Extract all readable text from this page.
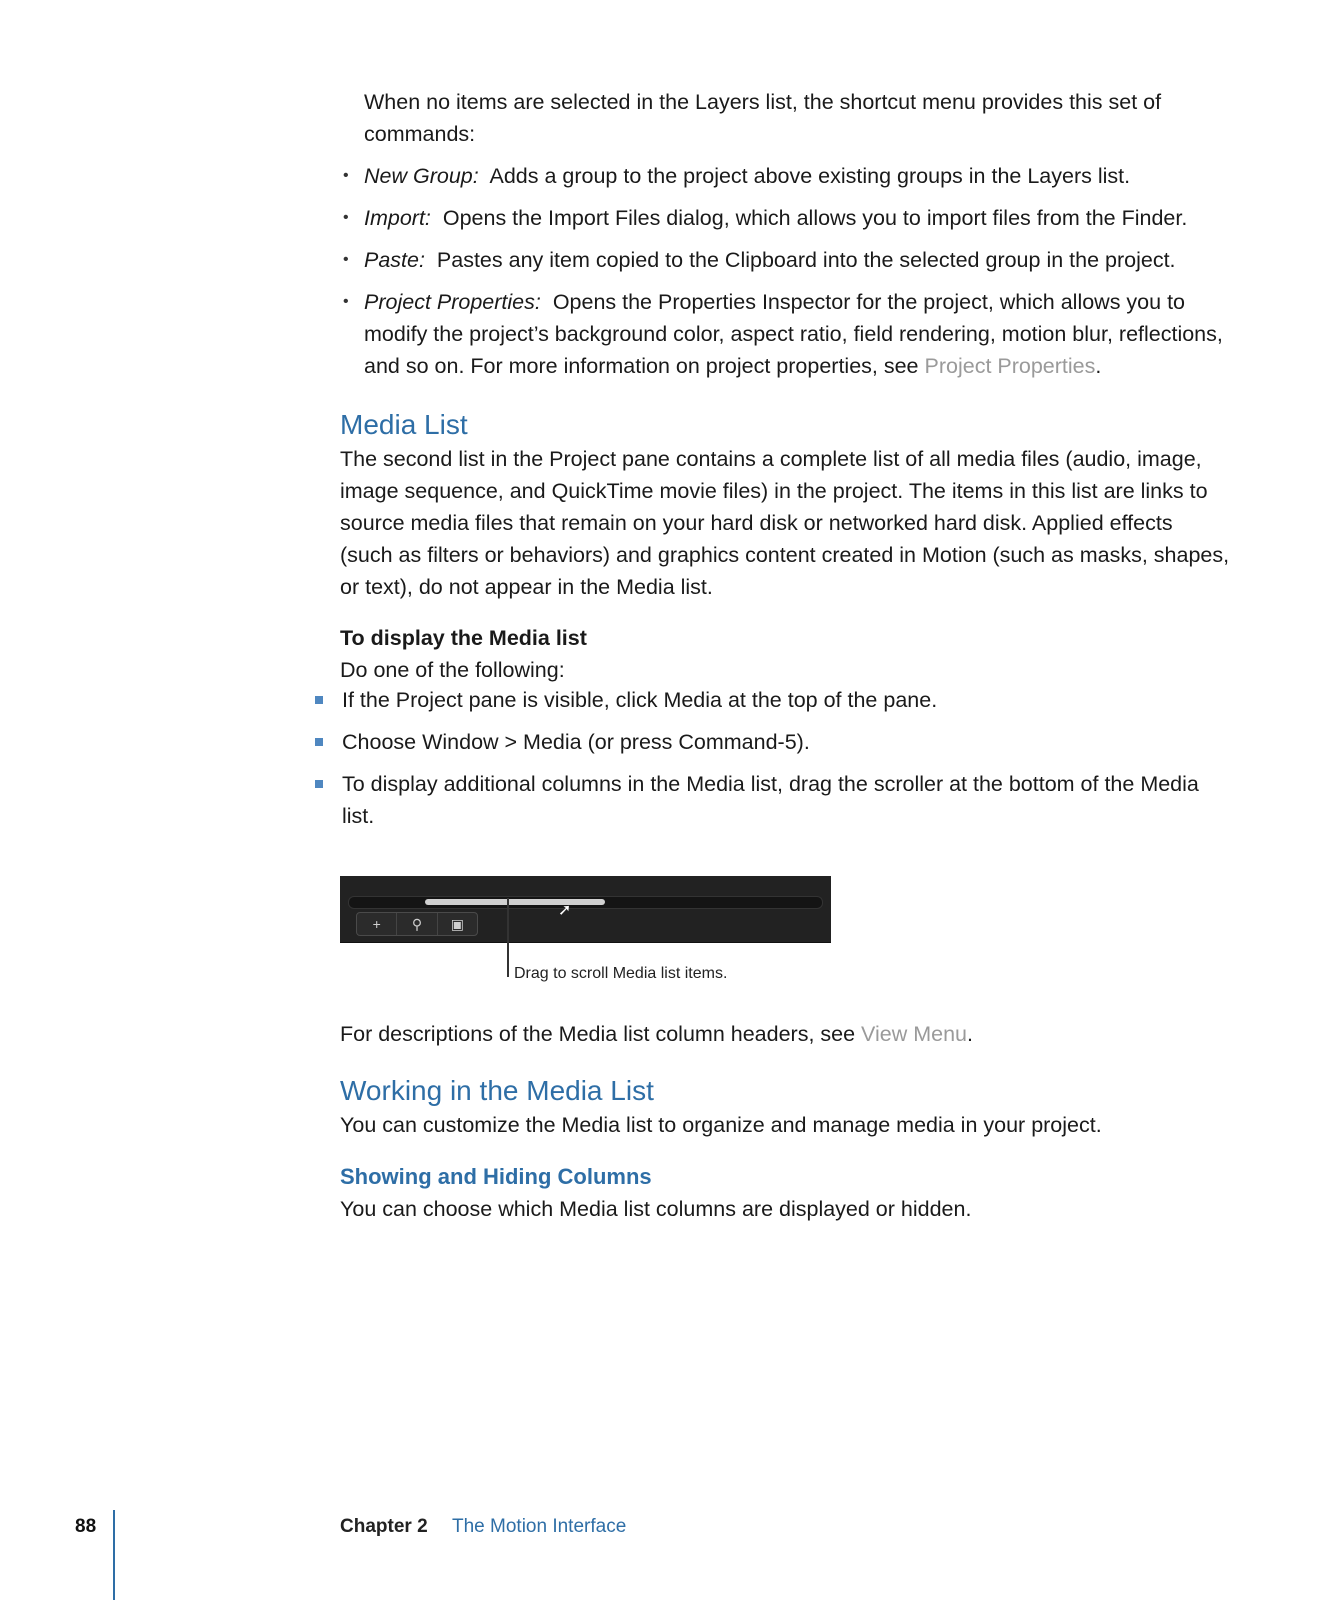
When no items are selected in the Layers list, the shortcut menu provides this set of commands:
• New Group: Adds a group to the project above existing groups in the Layers list.
• Import: Opens the Import Files dialog, which allows you to import files from the Finder.
• Paste: Pastes any item copied to the Clipboard into the selected group in the project.
• Project Properties: Opens the Properties Inspector for the project, which allows you to modify the project’s background color, aspect ratio, field rendering, motion blur, reflections, and so on. For more information on project properties, see Project Properties.
Media List
The second list in the Project pane contains a complete list of all media files (audio, image, image sequence, and QuickTime movie files) in the project. The items in this list are links to source media files that remain on your hard disk or networked hard disk. Applied effects (such as filters or behaviors) and graphics content created in Motion (such as masks, shapes, or text), do not appear in the Media list.
To display the Media list
Do one of the following:
If the Project pane is visible, click Media at the top of the pane.
Choose Window > Media (or press Command-5).
To display additional columns in the Media list, drag the scroller at the bottom of the Media list.
+	⚲	▣
➚
Drag to scroll Media list items.
For descriptions of the Media list column headers, see View Menu.
Working in the Media List
You can customize the Media list to organize and manage media in your project.
Showing and Hiding Columns
You can choose which Media list columns are displayed or hidden.
88	Chapter 2 The Motion Interface
